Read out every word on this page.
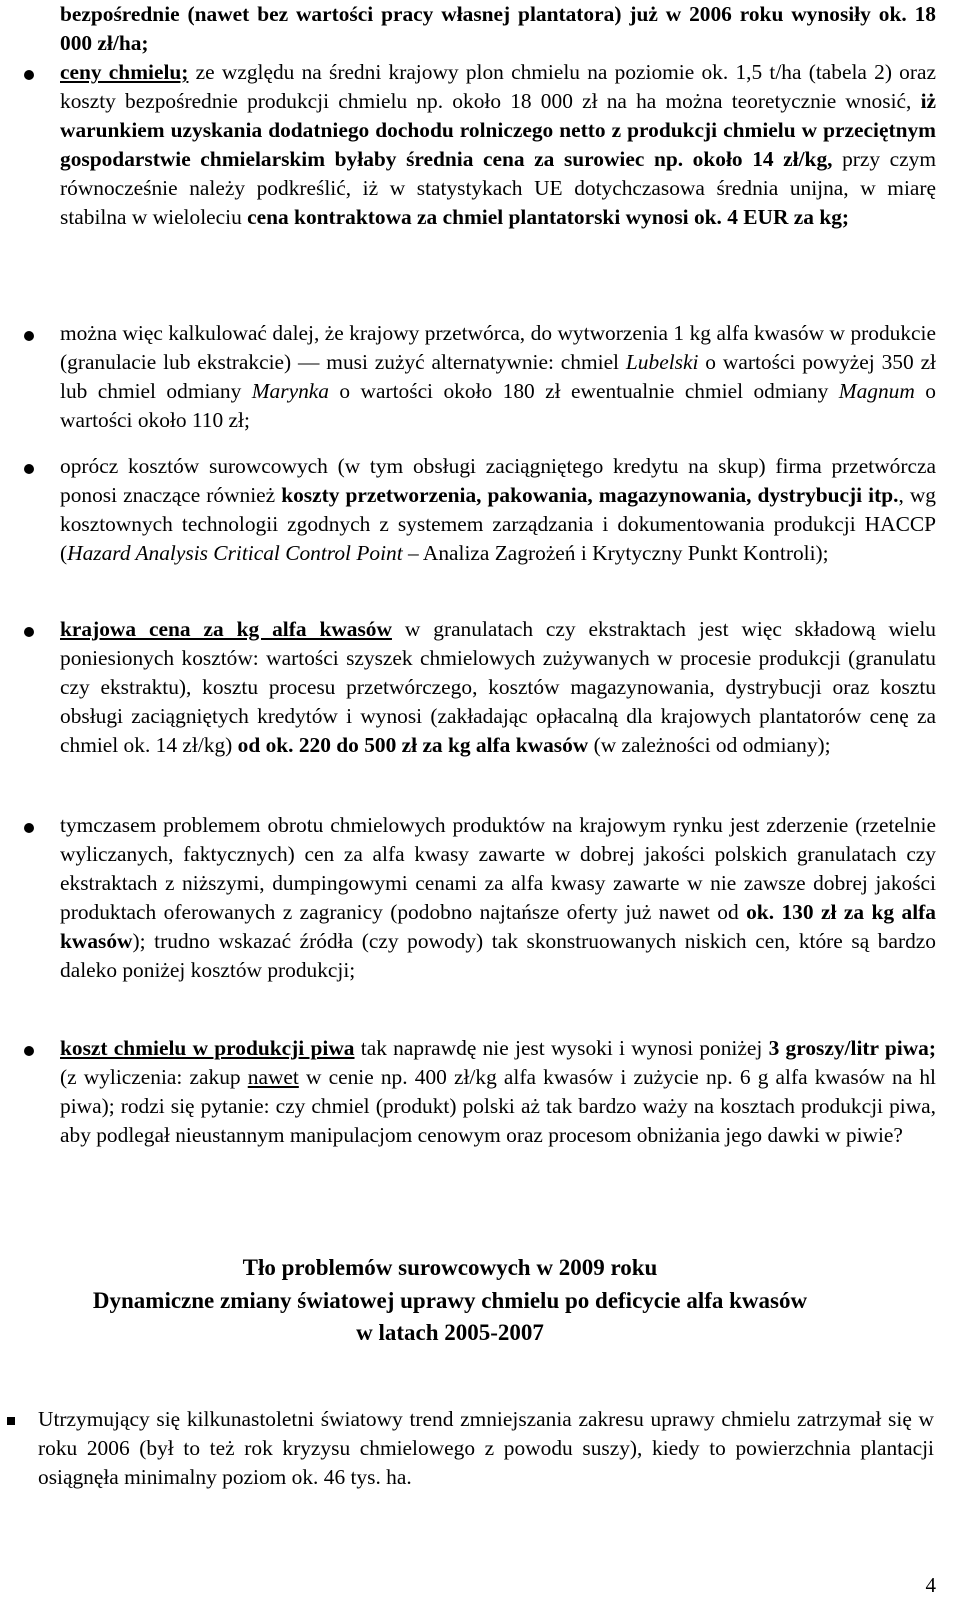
bezpośrednie (nawet bez wartości pracy własnej plantatora) już w 2006 roku wynosiły ok. 18 000 zł/ha;
ceny chmielu; ze względu na średni krajowy plon chmielu na poziomie ok. 1,5 t/ha (tabela 2) oraz koszty bezpośrednie produkcji chmielu np. około 18 000 zł na ha można teoretycznie wnosić, iż warunkiem uzyskania dodatniego dochodu rolniczego netto z produkcji chmielu w przeciętnym gospodarstwie chmielarskim byłaby średnia cena za surowiec np. około 14 zł/kg, przy czym równocześnie należy podkreślić, iż w statystykach UE dotychczasowa średnia unijna, w miarę stabilna w wieloleciu cena kontraktowa za chmiel plantatorski wynosi ok. 4 EUR za kg;
można więc kalkulować dalej, że krajowy przetwórca, do wytworzenia 1 kg alfa kwasów w produkcie (granulacie lub ekstrakcie) — musi zużyć alternatywnie: chmiel Lubelski o wartości powyżej 350 zł lub chmiel odmiany Marynka o wartości około 180 zł ewentualnie chmiel odmiany Magnum o wartości około 110 zł;
oprócz kosztów surowcowych (w tym obsługi zaciągniętego kredytu na skup) firma przetwórcza ponosi znaczące również koszty przetworzenia, pakowania, magazynowania, dystrybucji itp., wg kosztownych technologii zgodnych z systemem zarządzania i dokumentowania produkcji HACCP (Hazard Analysis Critical Control Point – Analiza Zagrożeń i Krytyczny Punkt Kontroli);
krajowa cena za kg alfa kwasów w granulatach czy ekstraktach jest więc składową wielu poniesionych kosztów: wartości szyszek chmielowych zużywanych w procesie produkcji (granulatu czy ekstraktu), kosztu procesu przetwórczego, kosztów magazynowania, dystrybucji oraz kosztu obsługi zaciągniętych kredytów i wynosi (zakładając opłacalną dla krajowych plantatorów cenę za chmiel ok. 14 zł/kg) od ok. 220 do 500 zł za kg alfa kwasów (w zależności od odmiany);
tymczasem problemem obrotu chmielowych produktów na krajowym rynku jest zderzenie (rzetelnie wyliczanych, faktycznych) cen za alfa kwasy zawarte w dobrej jakości polskich granulatach czy ekstraktach z niższymi, dumpingowymi cenami za alfa kwasy zawarte w nie zawsze dobrej jakości produktach oferowanych z zagranicy (podobno najtańsze oferty już nawet od ok. 130 zł za kg alfa kwasów); trudno wskazać źródła (czy powody) tak skonstruowanych niskich cen, które są bardzo daleko poniżej kosztów produkcji;
koszt chmielu w produkcji piwa tak naprawdę nie jest wysoki i wynosi poniżej 3 groszy/litr piwa; (z wyliczenia: zakup nawet w cenie np. 400 zł/kg alfa kwasów i zużycie np. 6 g alfa kwasów na hl piwa); rodzi się pytanie: czy chmiel (produkt) polski aż tak bardzo waży na kosztach produkcji piwa, aby podlegał nieustannym manipulacjom cenowym oraz procesom obniżania jego dawki w piwie?
Tło problemów surowcowych w 2009 roku
Dynamiczne zmiany światowej uprawy chmielu po deficycie alfa kwasów
w latach 2005-2007
Utrzymujący się kilkunastoletni światowy trend zmniejszania zakresu uprawy chmielu zatrzymał się w roku 2006 (był to też rok kryzysu chmielowego z powodu suszy), kiedy to powierzchnia plantacji osiągnęła minimalny poziom ok. 46 tys. ha.
4
